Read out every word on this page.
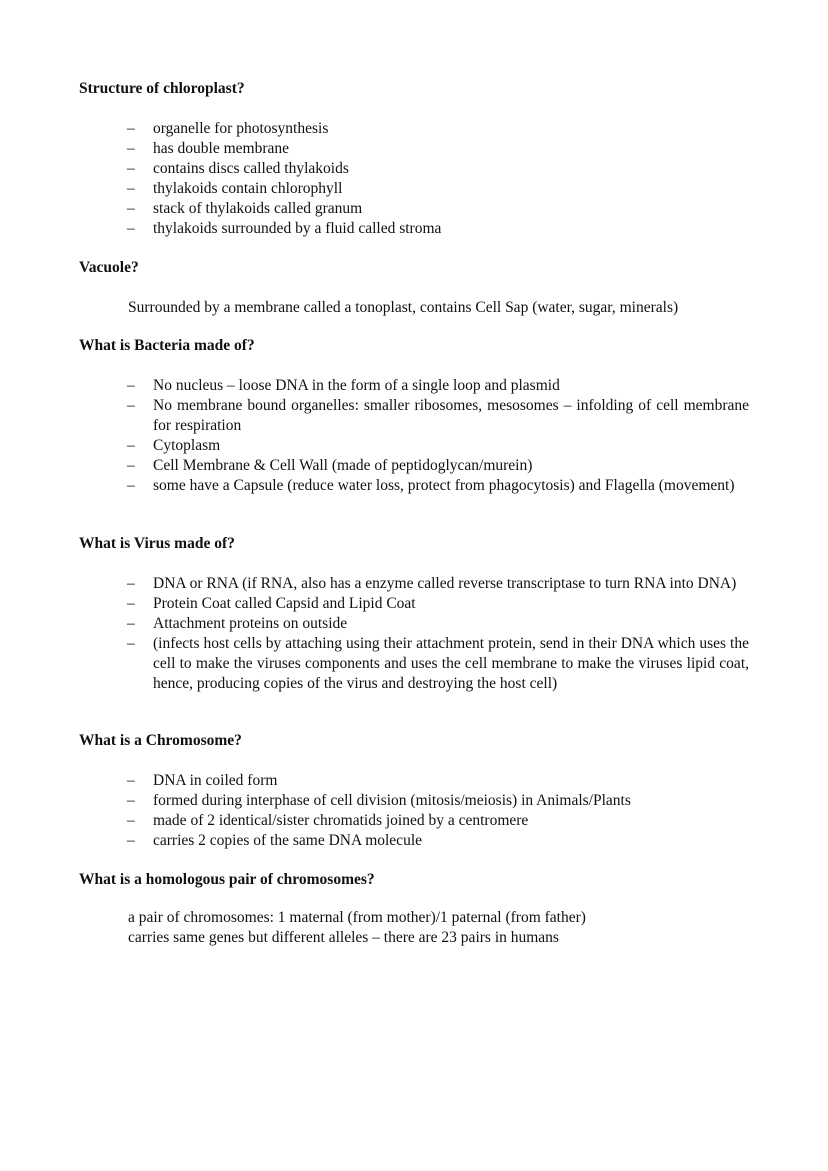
Structure of chloroplast?
– organelle for photosynthesis
– has double membrane
– contains discs called thylakoids
– thylakoids contain chlorophyll
– stack of thylakoids called granum
– thylakoids surrounded by a fluid called stroma
Vacuole?

Surrounded by a membrane called a tonoplast, contains Cell Sap (water, sugar, minerals)

What is Bacteria made of?
– No nucleus – loose DNA in the form of a single loop and plasmid
– No membrane bound organelles: smaller ribosomes, mesosomes – infolding of cell membrane for respiration
– Cytoplasm
– Cell Membrane & Cell Wall (made of peptidoglycan/murein)
– some have a Capsule (reduce water loss, protect from phagocytosis) and Flagella (movement)
What is Virus made of?
– DNA or RNA (if RNA, also has a enzyme called reverse transcriptase to turn RNA into DNA)
– Protein Coat called Capsid and Lipid Coat
– Attachment proteins on outside
– (infects host cells by attaching using their attachment protein, send in their DNA which uses the cell to make the viruses components and uses the cell membrane to make the viruses lipid coat, hence, producing copies of the virus and destroying the host cell)
What is a Chromosome?
– DNA in coiled form
– formed during interphase of cell division (mitosis/meiosis) in Animals/Plants
– made of 2 identical/sister chromatids joined by a centromere
– carries 2 copies of the same DNA molecule
What is a homologous pair of chromosomes?

a pair of chromosomes: 1 maternal (from mother)/1 paternal (from father)

carries same genes but different alleles – there are 23 pairs in humans
